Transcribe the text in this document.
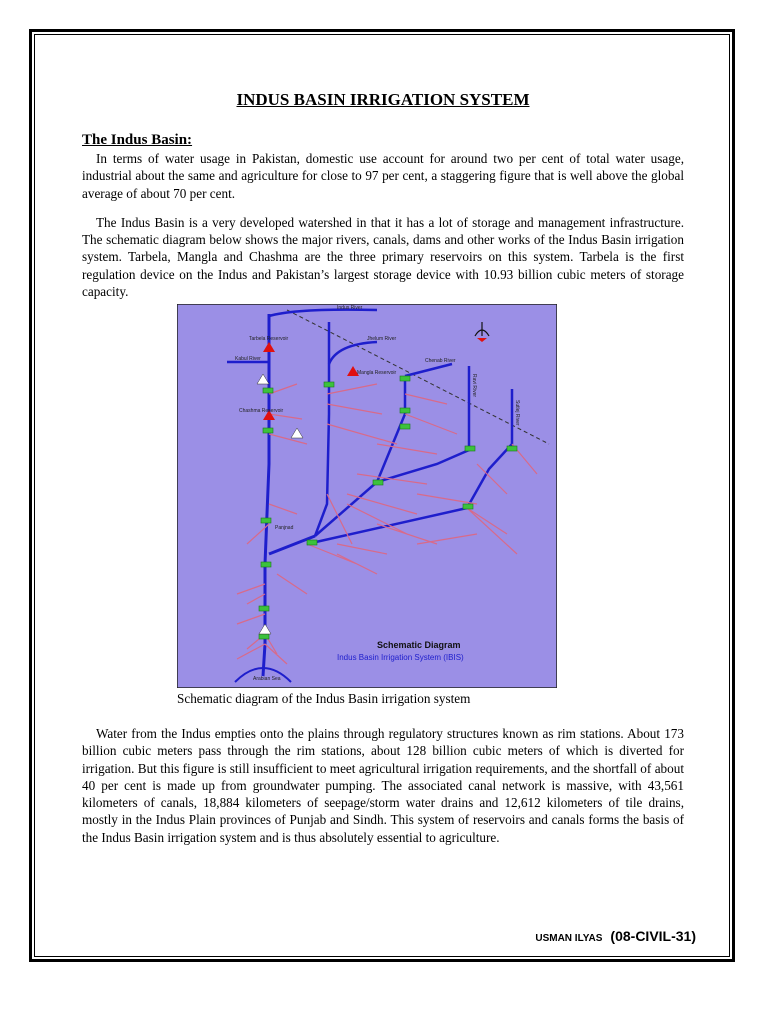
INDUS BASIN IRRIGATION SYSTEM
The Indus Basin:

In terms of water usage in Pakistan, domestic use account for around two per cent of total water usage, industrial about the same and agriculture for close to 97 per cent, a staggering figure that is well above the global average of about 70 per cent.

The Indus Basin is a very developed watershed in that it has a lot of storage and management infrastructure. The schematic diagram below shows the major rivers, canals, dams and other works of the Indus Basin irrigation system. Tarbela, Mangla and Chashma are the three primary reservoirs on this system. Tarbela is the first regulation device on the Indus and Pakistan’s largest storage device with 10.93 billion cubic meters of storage capacity.

Indus River
Jhelum River
Chenab River
Kabul River
Tarbela Reservoir
Mangla Reservoir
Chashma Reservoir
Panjnad
Arabian Sea
Ravi River
Sutlej River
Schematic Diagram
Indus Basin Irrigation System (IBIS)
Schematic diagram of the Indus Basin irrigation system

Water from the Indus empties onto the plains through regulatory structures known as rim stations. About 173 billion cubic meters pass through the rim stations, about 128 billion cubic meters of which is diverted for irrigation. But this figure is still insufficient to meet agricultural irrigation requirements, and the shortfall of about 40 per cent is made up from groundwater pumping. The associated canal network is massive, with 43,561 kilometers of canals, 18,884 kilometers of seepage/storm water drains and 12,612 kilometers of tile drains, mostly in the Indus Plain provinces of Punjab and Sindh. This system of reservoirs and canals forms the basis of the Indus Basin irrigation system and is thus absolutely essential to agriculture.

USMAN ILYAS (08-CIVIL-31)
